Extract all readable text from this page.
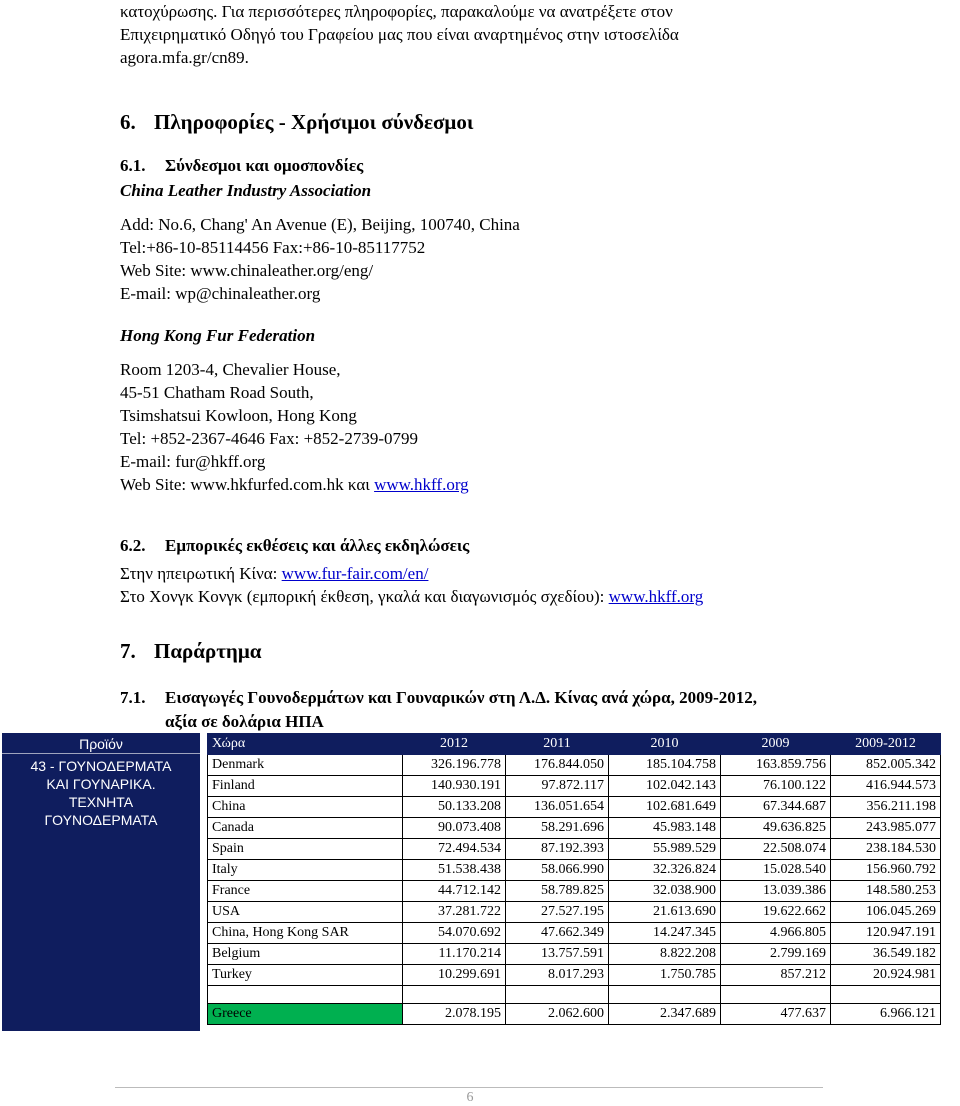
κατοχύρωσης. Για περισσότερες πληροφορίες, παρακαλούμε να ανατρέξετε στον
Επιχειρηματικό Οδηγό του Γραφείου μας που είναι αναρτημένος στην ιστοσελίδα
agora.mfa.gr/cn89.

6. Πληροφορίες - Χρήσιμοι σύνδεσμοι
6.1. Σύνδεσμοι και ομοσπονδίες

China Leather Industry Association

Add: No.6, Chang' An Avenue (E), Beijing, 100740, China
Tel:+86-10-85114456 Fax:+86-10-85117752
Web Site: www.chinaleather.org/eng/
E-mail: wp@chinaleather.org

Hong Kong Fur Federation

Room 1203-4, Chevalier House,
45-51 Chatham Road South,
Tsimshatsui Kowloon, Hong Kong
Tel: +852-2367-4646 Fax: +852-2739-0799
E-mail: fur@hkff.org
Web Site: www.hkfurfed.com.hk και www.hkff.org
6.2. Εμπορικές εκθέσεις και άλλες εκδηλώσεις
Στην ηπειρωτική Κίνα: www.fur-fair.com/en/
Στο Χονγκ Κονγκ (εμπορική έκθεση, γκαλά και διαγωνισμός σχεδίου): www.hkff.org
7. Παράρτημα

7.1. Εισαγωγές Γουνοδερμάτων και Γουναρικών στη Λ.Δ. Κίνας ανά χώρα, 2009-2012,
αξία σε δολάρια ΗΠΑ

Προϊόν
43 - ΓΟΥΝΟΔΕΡΜΑΤΑ
ΚΑΙ ΓΟΥΝΑΡΙΚΑ.
ΤΕΧΝΗΤΑ
ΓΟΥΝΟΔΕΡΜΑΤΑ
Χώρα	2012	2011	2010	2009	2009-2012
Denmark	326.196.778	176.844.050	185.104.758	163.859.756	852.005.342
Finland	140.930.191	97.872.117	102.042.143	76.100.122	416.944.573
China	50.133.208	136.051.654	102.681.649	67.344.687	356.211.198
Canada	90.073.408	58.291.696	45.983.148	49.636.825	243.985.077
Spain	72.494.534	87.192.393	55.989.529	22.508.074	238.184.530
Italy	51.538.438	58.066.990	32.326.824	15.028.540	156.960.792
France	44.712.142	58.789.825	32.038.900	13.039.386	148.580.253
USA	37.281.722	27.527.195	21.613.690	19.622.662	106.045.269
China, Hong Kong SAR	54.070.692	47.662.349	14.247.345	4.966.805	120.947.191
Belgium	11.170.214	13.757.591	8.822.208	2.799.169	36.549.182
Turkey	10.299.691	8.017.293	1.750.785	857.212	20.924.981

Greece	2.078.195	2.062.600	2.347.689	477.637	6.966.121
6
